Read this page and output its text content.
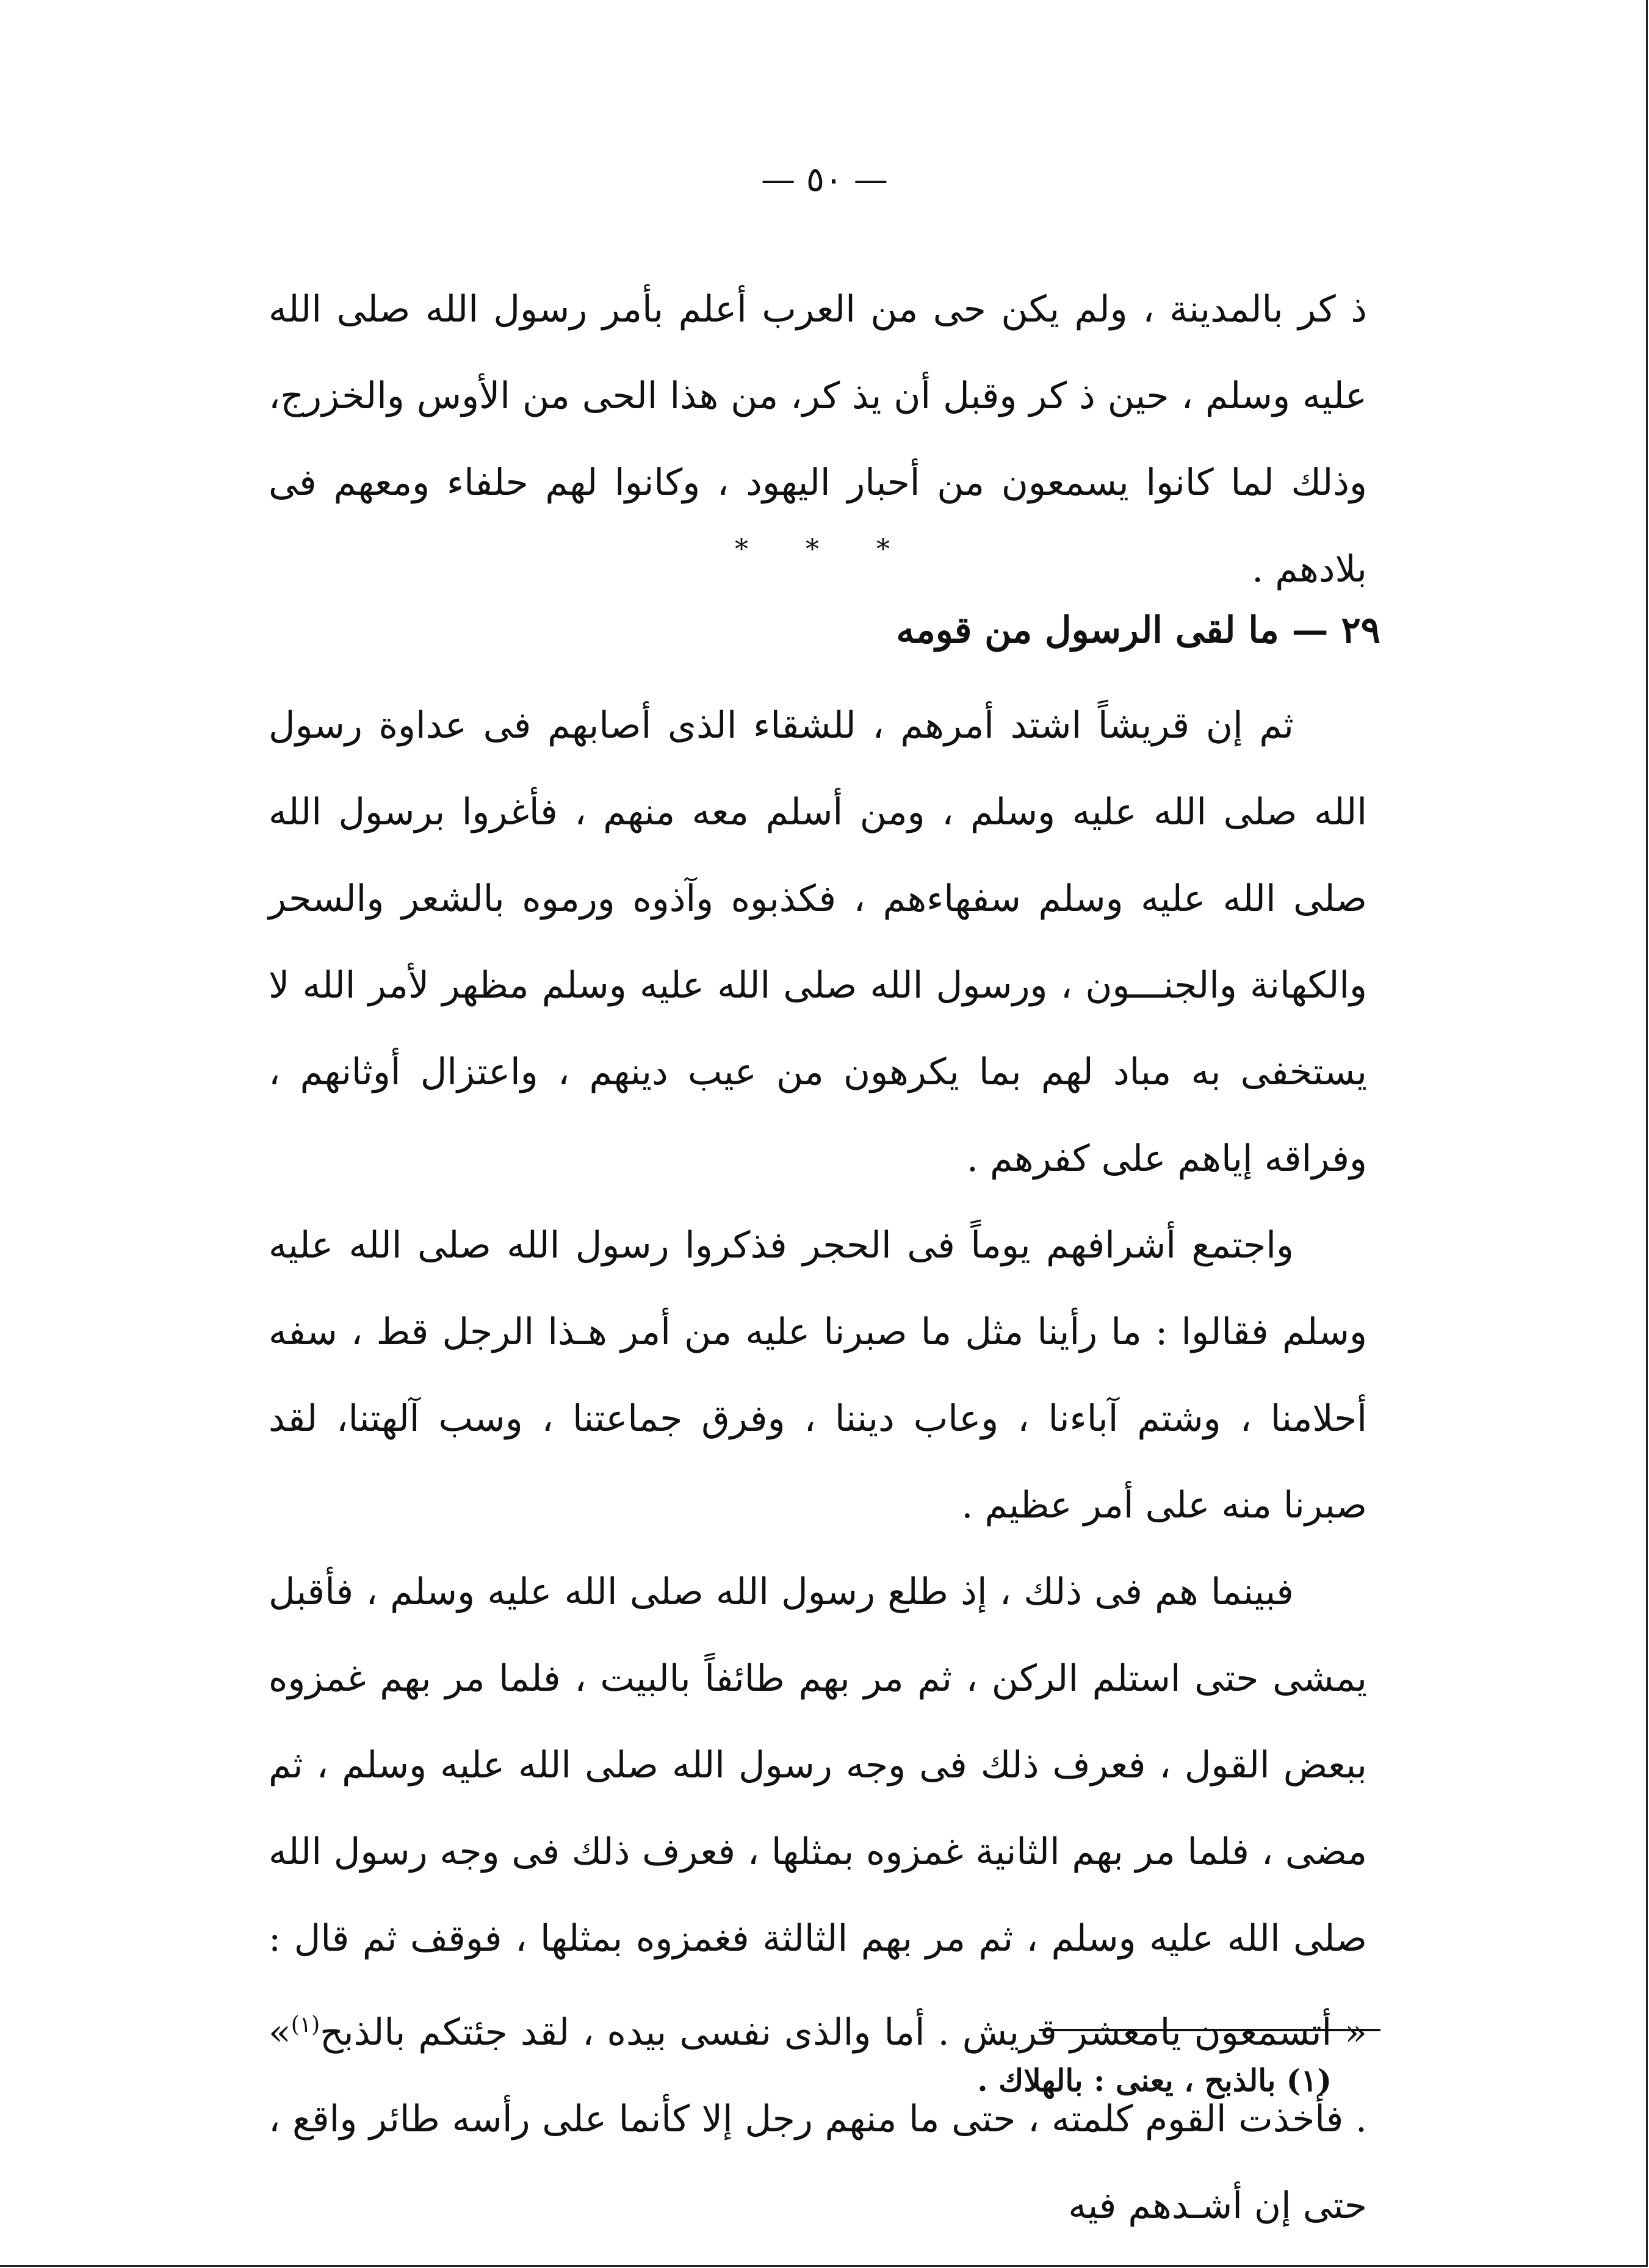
— ٥٠ —
ذ كر بالمدينة ، ولم يكن حى من العرب أعلم بأمر رسول الله صلى الله عليه وسلم ، حين ذ كر وقبل أن يذ كر، من هذا الحى من الأوس والخزرج، وذلك لما كانوا يسمعون من أحبار اليهود ، وكانوا لهم حلفاء ومعهم فى بلادهم .
* * *
٢٩ — ما لقى الرسول من قومه

ثم إن قريشاً اشتد أمرهم ، للشقاء الذى أصابهم فى عداوة رسول الله صلى الله عليه وسلم ، ومن أسلم معه منهم ، فأغروا برسول الله صلى الله عليه وسلم سفهاءهم ، فكذبوه وآذوه ورموه بالشعر والسحر والكهانة والجنـــون ، ورسول الله صلى الله عليه وسلم مظهر لأمر الله لا يستخفى به مباد لهم بما يكرهون من عيب دينهم ، واعتزال أوثانهم ، وفراقه إياهم على كفرهم .

واجتمع أشرافهم يوماً فى الحجر فذكروا رسول الله صلى الله عليه وسلم فقالوا : ما رأينا مثل ما صبرنا عليه من أمر هـذا الرجل قط ، سفه أحلامنا ، وشتم آباءنا ، وعاب ديننا ، وفرق جماعتنا ، وسب آلهتنا، لقد صبرنا منه على أمر عظيم .

فبينما هم فى ذلك ، إذ طلع رسول الله صلى الله عليه وسلم ، فأقبل يمشى حتى استلم الركن ، ثم مر بهم طائفاً بالبيت ، فلما مر بهم غمزوه ببعض القول ، فعرف ذلك فى وجه رسول الله صلى الله عليه وسلم ، ثم مضى ، فلما مر بهم الثانية غمزوه بمثلها ، فعرف ذلك فى وجه رسول الله صلى الله عليه وسلم ، ثم مر بهم الثالثة فغمزوه بمثلها ، فوقف ثم قال : « أتسمعون يامعشر قريش . أما والذى نفسى بيده ، لقد جئتكم بالذبح$^{(١)}$» . فأخذت القوم كلمته ، حتى ما منهم رجل إلا كأنما على رأسه طائر واقع ، حتى إن أشـدهم فيه

(١) بالذبح ، يعنى : بالهلاك .
